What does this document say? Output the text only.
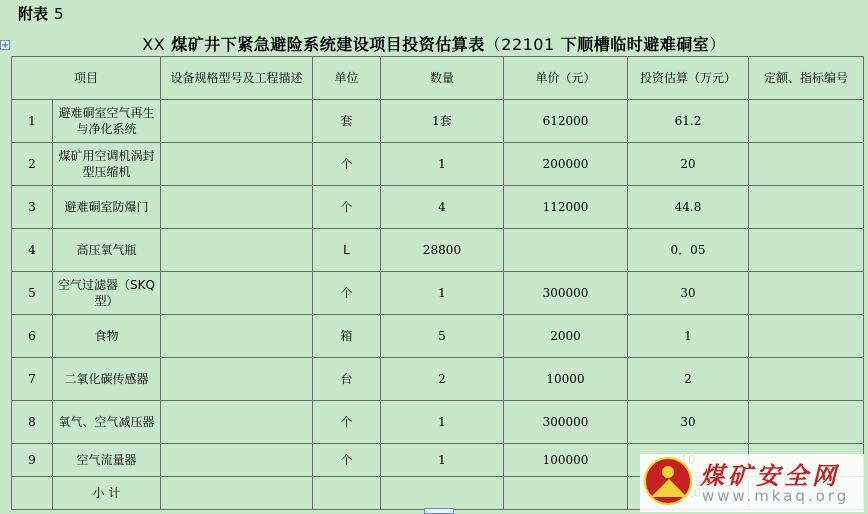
附表 5
+	XX 煤矿井下紧急避险系统建设项目投资估算表（22101 下顺槽临时避难硐室）
项目		设备规格型号及工程描述	单位	数量	单价（元）	投资估算（万元）	定额、指标编号
1	避难硐室空气再生与净化系统		套	1套	612000	61.2	
2	煤矿用空调机涡封型压缩机		个	1	200000	20	
3	避难硐室防爆门		个	4	112000	44.8	
4	高压氧气瓶		L	28800		0．05	
5	空气过滤器（SKQ型）		个	1	300000	30	
6	食物		箱	5	2000	1	
7	二氧化碳传感器		台	2	10000	2	
8	氧气、空气减压器		个	1	300000	30	
9	空气流量器		个	1	100000		
	小 计						
煤矿安全网
www.mkaq.org
